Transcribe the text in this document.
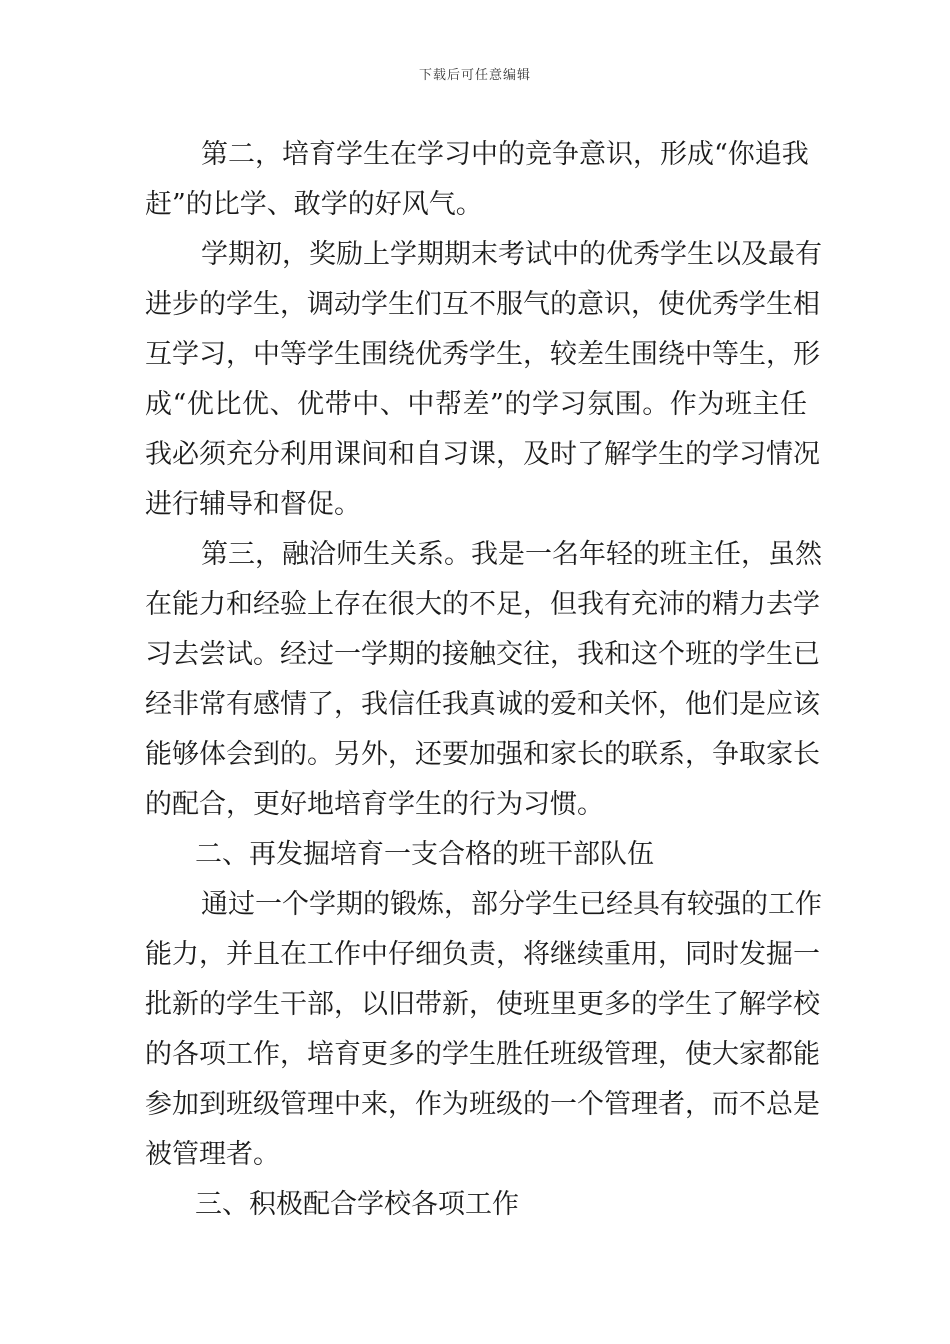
下载后可任意编辑
第二，培育学生在学习中的竞争意识，形成“你追我
赶”的比学、敢学的好风气。
学期初，奖励上学期期末考试中的优秀学生以及最有
进步的学生，调动学生们互不服气的意识，使优秀学生相
互学习，中等学生围绕优秀学生，较差生围绕中等生，形
成“优比优、优带中、中帮差”的学习氛围。作为班主任
我必须充分利用课间和自习课，及时了解学生的学习情况
进行辅导和督促。
第三，融洽师生关系。我是一名年轻的班主任，虽然
在能力和经验上存在很大的不足，但我有充沛的精力去学
习去尝试。经过一学期的接触交往，我和这个班的学生已
经非常有感情了，我信任我真诚的爱和关怀，他们是应该
能够体会到的。另外，还要加强和家长的联系，争取家长
的配合，更好地培育学生的行为习惯。
二、再发掘培育一支合格的班干部队伍
通过一个学期的锻炼，部分学生已经具有较强的工作
能力，并且在工作中仔细负责，将继续重用，同时发掘一
批新的学生干部，以旧带新，使班里更多的学生了解学校
的各项工作，培育更多的学生胜任班级管理，使大家都能
参加到班级管理中来，作为班级的一个管理者，而不总是
被管理者。
三、积极配合学校各项工作
